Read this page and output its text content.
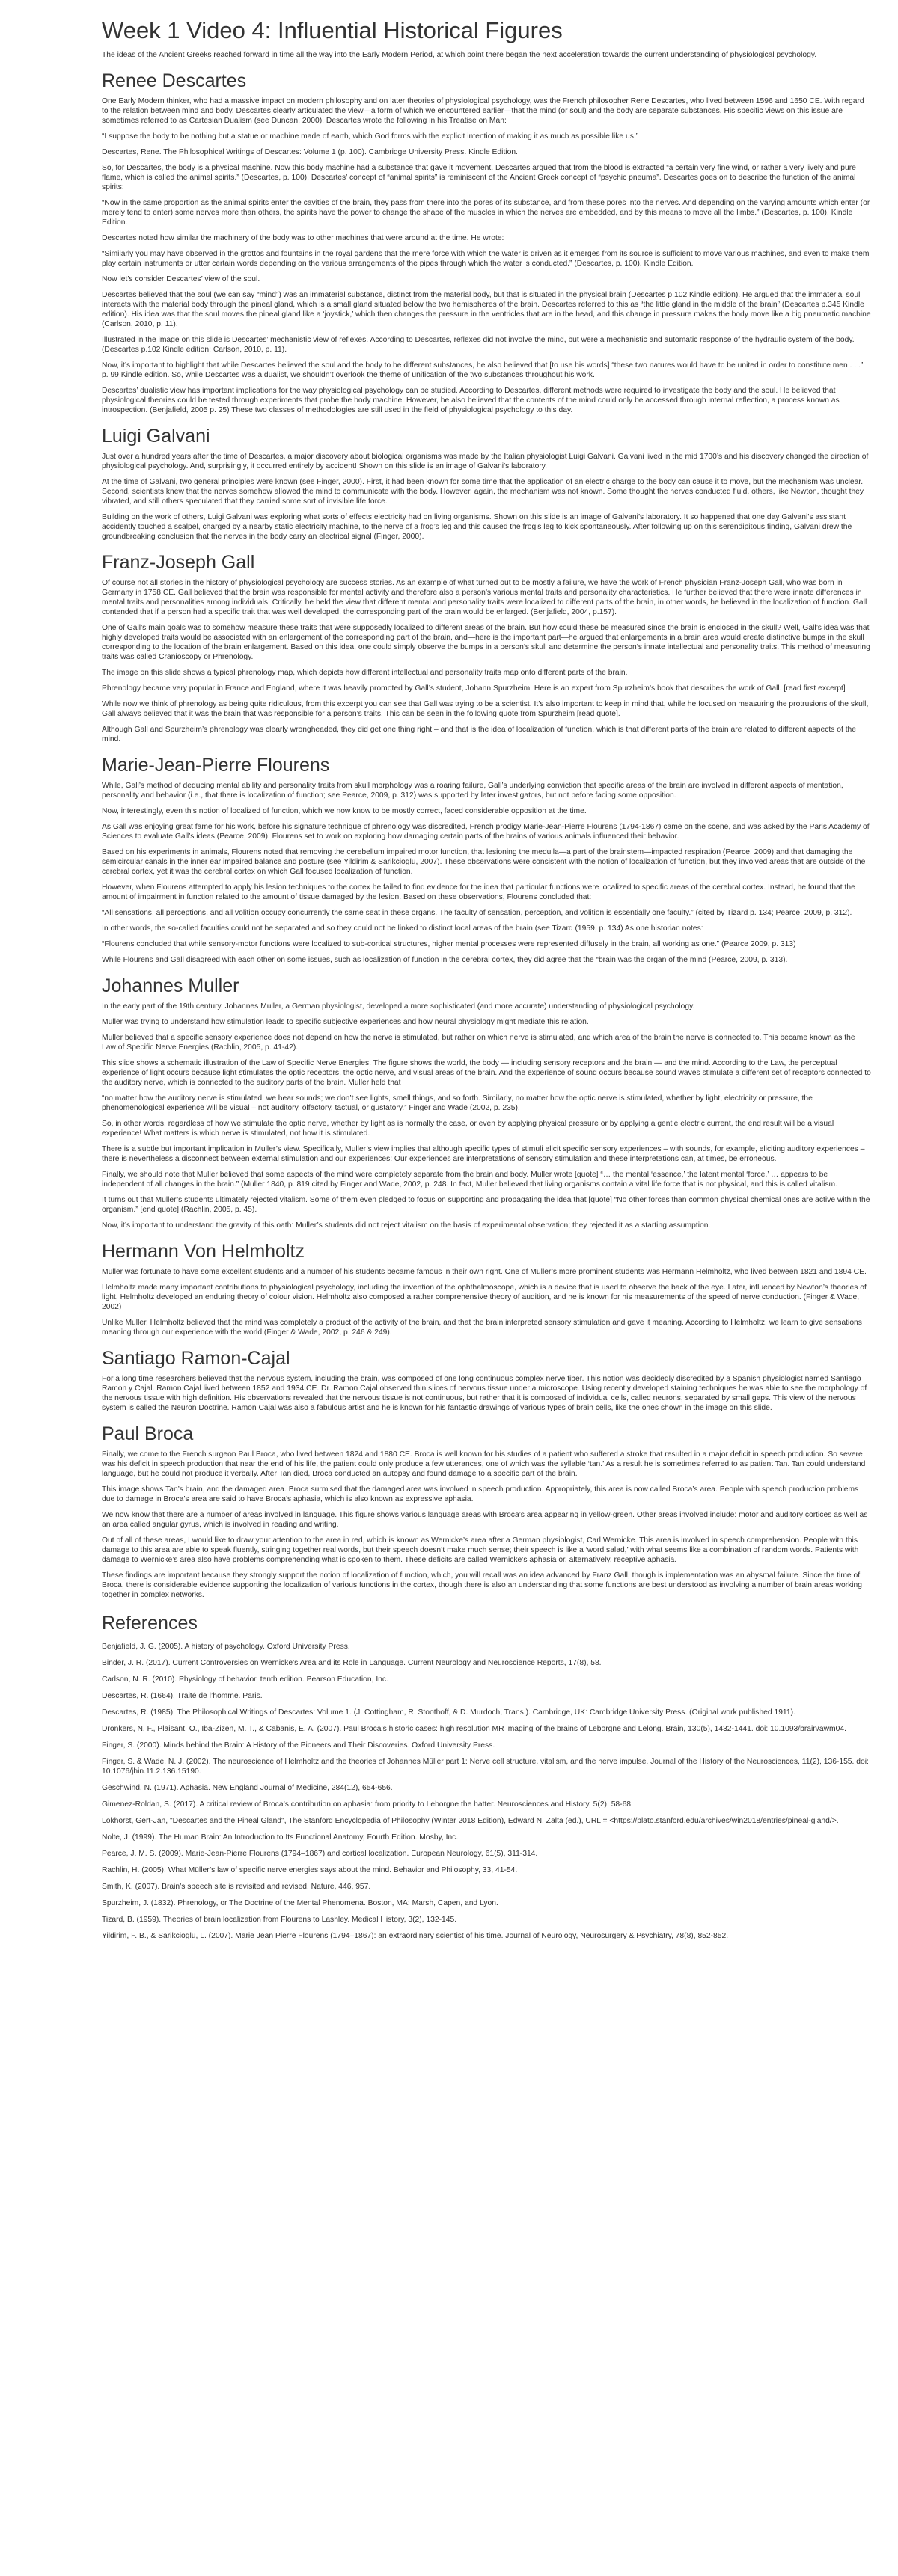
Week 1 Video 4: Influential Historical Figures

The ideas of the Ancient Greeks reached forward in time all the way into the Early Modern Period, at which point there began the next acceleration towards the current understanding of physiological psychology.

Renee Descartes

One Early Modern thinker, who had a massive impact on modern philosophy and on later theories of physiological psychology, was the French philosopher Rene Descartes, who lived between 1596 and 1650 CE. With regard to the relation between mind and body, Descartes clearly articulated the view—a form of which we encountered earlier—that the mind (or soul) and the body are separate substances. His specific views on this issue are sometimes referred to as Cartesian Dualism (see Duncan, 2000). Descartes wrote the following in his Treatise on Man:

“I suppose the body to be nothing but a statue or machine made of earth, which God forms with the explicit intention of making it as much as possible like us.”

Descartes, Rene. The Philosophical Writings of Descartes: Volume 1 (p. 100). Cambridge University Press. Kindle Edition.

So, for Descartes, the body is a physical machine. Now this body machine had a substance that gave it movement. Descartes argued that from the blood is extracted “a certain very fine wind, or rather a very lively and pure flame, which is called the animal spirits.” (Descartes, p. 100). Descartes’ concept of “animal spirits” is reminiscent of the Ancient Greek concept of “psychic pneuma”. Descartes goes on to describe the function of the animal spirits:

“Now in the same proportion as the animal spirits enter the cavities of the brain, they pass from there into the pores of its substance, and from these pores into the nerves. And depending on the varying amounts which enter (or merely tend to enter) some nerves more than others, the spirits have the power to change the shape of the muscles in which the nerves are embedded, and by this means to move all the limbs.” (Descartes, p. 100). Kindle Edition.

Descartes noted how similar the machinery of the body was to other machines that were around at the time. He wrote:

“Similarly you may have observed in the grottos and fountains in the royal gardens that the mere force with which the water is driven as it emerges from its source is sufficient to move various machines, and even to make them play certain instruments or utter certain words depending on the various arrangements of the pipes through which the water is conducted.” (Descartes, p. 100). Kindle Edition.

Now let’s consider Descartes’ view of the soul.

Descartes believed that the soul (we can say “mind”) was an immaterial substance, distinct from the material body, but that is situated in the physical brain (Descartes p.102 Kindle edition). He argued that the immaterial soul interacts with the material body through the pineal gland, which is a small gland situated below the two hemispheres of the brain. Descartes referred to this as “the little gland in the middle of the brain” (Descartes p.345 Kindle edition). His idea was that the soul moves the pineal gland like a ‘joystick,’ which then changes the pressure in the ventricles that are in the head, and this change in pressure makes the body move like a big pneumatic machine (Carlson, 2010, p. 11).

Illustrated in the image on this slide is Descartes’ mechanistic view of reflexes. According to Descartes, reflexes did not involve the mind, but were a mechanistic and automatic response of the hydraulic system of the body. (Descartes p.102 Kindle edition; Carlson, 2010, p. 11).

Now, it’s important to highlight that while Descartes believed the soul and the body to be different substances, he also believed that [to use his words] “these two natures would have to be united in order to constitute men . . .” p. 99 Kindle edition. So, while Descartes was a dualist, we shouldn’t overlook the theme of unification of the two substances throughout his work.

Descartes’ dualistic view has important implications for the way physiological psychology can be studied. According to Descartes, different methods were required to investigate the body and the soul. He believed that physiological theories could be tested through experiments that probe the body machine. However, he also believed that the contents of the mind could only be accessed through internal reflection, a process known as introspection. (Benjafield, 2005 p. 25) These two classes of methodologies are still used in the field of physiological psychology to this day.

Luigi Galvani

Just over a hundred years after the time of Descartes, a major discovery about biological organisms was made by the Italian physiologist Luigi Galvani. Galvani lived in the mid 1700’s and his discovery changed the direction of physiological psychology. And, surprisingly, it occurred entirely by accident! Shown on this slide is an image of Galvani’s laboratory.

At the time of Galvani, two general principles were known (see Finger, 2000). First, it had been known for some time that the application of an electric charge to the body can cause it to move, but the mechanism was unclear. Second, scientists knew that the nerves somehow allowed the mind to communicate with the body. However, again, the mechanism was not known. Some thought the nerves conducted fluid, others, like Newton, thought they vibrated, and still others speculated that they carried some sort of invisible life force.

Building on the work of others, Luigi Galvani was exploring what sorts of effects electricity had on living organisms. Shown on this slide is an image of Galvani’s laboratory. It so happened that one day Galvani’s assistant accidently touched a scalpel, charged by a nearby static electricity machine, to the nerve of a frog’s leg and this caused the frog’s leg to kick spontaneously. After following up on this serendipitous finding, Galvani drew the groundbreaking conclusion that the nerves in the body carry an electrical signal (Finger, 2000).

Franz-Joseph Gall

Of course not all stories in the history of physiological psychology are success stories. As an example of what turned out to be mostly a failure, we have the work of French physician Franz-Joseph Gall, who was born in Germany in 1758 CE. Gall believed that the brain was responsible for mental activity and therefore also a person’s various mental traits and personality characteristics. He further believed that there were innate differences in mental traits and personalities among individuals. Critically, he held the view that different mental and personality traits were localized to different parts of the brain, in other words, he believed in the localization of function. Gall contended that if a person had a specific trait that was well developed, the corresponding part of the brain would be enlarged. (Benjafield, 2004, p.157).

One of Gall’s main goals was to somehow measure these traits that were supposedly localized to different areas of the brain. But how could these be measured since the brain is enclosed in the skull? Well, Gall’s idea was that highly developed traits would be associated with an enlargement of the corresponding part of the brain, and—here is the important part—he argued that enlargements in a brain area would create distinctive bumps in the skull corresponding to the location of the brain enlargement. Based on this idea, one could simply observe the bumps in a person’s skull and determine the person’s innate intellectual and personality traits. This method of measuring traits was called Cranioscopy or Phrenology.

The image on this slide shows a typical phrenology map, which depicts how different intellectual and personality traits map onto different parts of the brain.

Phrenology became very popular in France and England, where it was heavily promoted by Gall’s student, Johann Spurzheim. Here is an expert from Spurzheim’s book that describes the work of Gall. [read first excerpt]

While now we think of phrenology as being quite ridiculous, from this excerpt you can see that Gall was trying to be a scientist. It’s also important to keep in mind that, while he focused on measuring the protrusions of the skull, Gall always believed that it was the brain that was responsible for a person’s traits. This can be seen in the following quote from Spurzheim [read quote].

Although Gall and Spurzheim’s phrenology was clearly wrongheaded, they did get one thing right – and that is the idea of localization of function, which is that different parts of the brain are related to different aspects of the mind.

Marie-Jean-Pierre Flourens

While, Gall’s method of deducing mental ability and personality traits from skull morphology was a roaring failure, Gall’s underlying conviction that specific areas of the brain are involved in different aspects of mentation, personality and behavior (i.e., that there is localization of function; see Pearce, 2009, p. 312) was supported by later investigators, but not before facing some opposition.

Now, interestingly, even this notion of localized of function, which we now know to be mostly correct, faced considerable opposition at the time.

As Gall was enjoying great fame for his work, before his signature technique of phrenology was discredited, French prodigy Marie-Jean-Pierre Flourens (1794-1867) came on the scene, and was asked by the Paris Academy of Sciences to evaluate Gall’s ideas (Pearce, 2009). Flourens set to work on exploring how damaging certain parts of the brains of various animals influenced their behavior.

Based on his experiments in animals, Flourens noted that removing the cerebellum impaired motor function, that lesioning the medulla—a part of the brainstem—impacted respiration (Pearce, 2009) and that damaging the semicircular canals in the inner ear impaired balance and posture (see Yildirim & Sarikcioglu, 2007). These observations were consistent with the notion of localization of function, but they involved areas that are outside of the cerebral cortex, yet it was the cerebral cortex on which Gall focused localization of function.

However, when Flourens attempted to apply his lesion techniques to the cortex he failed to find evidence for the idea that particular functions were localized to specific areas of the cerebral cortex. Instead, he found that the amount of impairment in function related to the amount of tissue damaged by the lesion. Based on these observations, Flourens concluded that:

“All sensations, all perceptions, and all volition occupy concurrently the same seat in these organs. The faculty of sensation, perception, and volition is essentially one faculty.” (cited by Tizard p. 134; Pearce, 2009, p. 312).

In other words, the so-called faculties could not be separated and so they could not be linked to distinct local areas of the brain (see Tizard (1959, p. 134) As one historian notes:

“Flourens concluded that while sensory-motor functions were localized to sub-cortical structures, higher mental processes were represented diffusely in the brain, all working as one.” (Pearce 2009, p. 313)

While Flourens and Gall disagreed with each other on some issues, such as localization of function in the cerebral cortex, they did agree that the “brain was the organ of the mind (Pearce, 2009, p. 313).

Johannes Muller

In the early part of the 19th century, Johannes Muller, a German physiologist, developed a more sophisticated (and more accurate) understanding of physiological psychology.

Muller was trying to understand how stimulation leads to specific subjective experiences and how neural physiology might mediate this relation.

Muller believed that a specific sensory experience does not depend on how the nerve is stimulated, but rather on which nerve is stimulated, and which area of the brain the nerve is connected to. This became known as the Law of Specific Nerve Energies (Rachlin, 2005, p. 41-42).

This slide shows a schematic illustration of the Law of Specific Nerve Energies. The figure shows the world, the body — including sensory receptors and the brain — and the mind. According to the Law, the perceptual experience of light occurs because light stimulates the optic receptors, the optic nerve, and visual areas of the brain. And the experience of sound occurs because sound waves stimulate a different set of receptors connected to the auditory nerve, which is connected to the auditory parts of the brain. Muller held that

“no matter how the auditory nerve is stimulated, we hear sounds; we don’t see lights, smell things, and so forth. Similarly, no matter how the optic nerve is stimulated, whether by light, electricity or pressure, the phenomenological experience will be visual – not auditory, olfactory, tactual, or gustatory.” Finger and Wade (2002, p. 235).

So, in other words, regardless of how we stimulate the optic nerve, whether by light as is normally the case, or even by applying physical pressure or by applying a gentle electric current, the end result will be a visual experience! What matters is which nerve is stimulated, not how it is stimulated.

There is a subtle but important implication in Muller’s view. Specifically, Muller’s view implies that although specific types of stimuli elicit specific sensory experiences – with sounds, for example, eliciting auditory experiences – there is nevertheless a disconnect between external stimulation and our experiences: Our experiences are interpretations of sensory stimulation and these interpretations can, at times, be erroneous.

Finally, we should note that Muller believed that some aspects of the mind were completely separate from the brain and body. Muller wrote [quote] “… the mental ‘essence,’ the latent mental ‘force,’ … appears to be independent of all changes in the brain.” (Muller 1840, p. 819 cited by Finger and Wade, 2002, p. 248. In fact, Muller believed that living organisms contain a vital life force that is not physical, and this is called vitalism.

It turns out that Muller’s students ultimately rejected vitalism. Some of them even pledged to focus on supporting and propagating the idea that [quote] “No other forces than common physical chemical ones are active within the organism.” [end quote] (Rachlin, 2005, p. 45).

Now, it’s important to understand the gravity of this oath: Muller’s students did not reject vitalism on the basis of experimental observation; they rejected it as a starting assumption.

Hermann Von Helmholtz

Muller was fortunate to have some excellent students and a number of his students became famous in their own right. One of Muller’s more prominent students was Hermann Helmholtz, who lived between 1821 and 1894 CE.

Helmholtz made many important contributions to physiological psychology, including the invention of the ophthalmoscope, which is a device that is used to observe the back of the eye. Later, influenced by Newton’s theories of light, Helmholtz developed an enduring theory of colour vision. Helmholtz also composed a rather comprehensive theory of audition, and he is known for his measurements of the speed of nerve conduction. (Finger & Wade, 2002)

Unlike Muller, Helmholtz believed that the mind was completely a product of the activity of the brain, and that the brain interpreted sensory stimulation and gave it meaning. According to Helmholtz, we learn to give sensations meaning through our experience with the world (Finger & Wade, 2002, p. 246 & 249).

Santiago Ramon-Cajal

For a long time researchers believed that the nervous system, including the brain, was composed of one long continuous complex nerve fiber. This notion was decidedly discredited by a Spanish physiologist named Santiago Ramon y Cajal. Ramon Cajal lived between 1852 and 1934 CE. Dr. Ramon Cajal observed thin slices of nervous tissue under a microscope. Using recently developed staining techniques he was able to see the morphology of the nervous tissue with high definition. His observations revealed that the nervous tissue is not continuous, but rather that it is composed of individual cells, called neurons, separated by small gaps. This view of the nervous system is called the Neuron Doctrine. Ramon Cajal was also a fabulous artist and he is known for his fantastic drawings of various types of brain cells, like the ones shown in the image on this slide.

Paul Broca

Finally, we come to the French surgeon Paul Broca, who lived between 1824 and 1880 CE. Broca is well known for his studies of a patient who suffered a stroke that resulted in a major deficit in speech production. So severe was his deficit in speech production that near the end of his life, the patient could only produce a few utterances, one of which was the syllable ‘tan.’ As a result he is sometimes referred to as patient Tan. Tan could understand language, but he could not produce it verbally. After Tan died, Broca conducted an autopsy and found damage to a specific part of the brain.

This image shows Tan’s brain, and the damaged area. Broca surmised that the damaged area was involved in speech production. Appropriately, this area is now called Broca’s area. People with speech production problems due to damage in Broca’s area are said to have Broca’s aphasia, which is also known as expressive aphasia.

We now know that there are a number of areas involved in language. This figure shows various language areas with Broca’s area appearing in yellow-green. Other areas involved include: motor and auditory cortices as well as an area called angular gyrus, which is involved in reading and writing.

Out of all of these areas, I would like to draw your attention to the area in red, which is known as Wernicke’s area after a German physiologist, Carl Wernicke. This area is involved in speech comprehension. People with this damage to this area are able to speak fluently, stringing together real words, but their speech doesn’t make much sense; their speech is like a ‘word salad,’ with what seems like a combination of random words. Patients with damage to Wernicke’s area also have problems comprehending what is spoken to them. These deficits are called Wernicke’s aphasia or, alternatively, receptive aphasia.

These findings are important because they strongly support the notion of localization of function, which, you will recall was an idea advanced by Franz Gall, though is implementation was an abysmal failure. Since the time of Broca, there is considerable evidence supporting the localization of various functions in the cortex, though there is also an understanding that some functions are best understood as involving a number of brain areas working together in complex networks.

References

Benjafield, J. G. (2005). A history of psychology. Oxford University Press.

Binder, J. R. (2017). Current Controversies on Wernicke’s Area and its Role in Language. Current Neurology and Neuroscience Reports, 17(8), 58.

Carlson, N. R. (2010). Physiology of behavior, tenth edition. Pearson Education, Inc.

Descartes, R. (1664). Traité de l’homme. Paris.

Descartes, R. (1985). The Philosophical Writings of Descartes: Volume 1. (J. Cottingham, R. Stoothoff, & D. Murdoch, Trans.). Cambridge, UK: Cambridge University Press. (Original work published 1911).

Dronkers, N. F., Plaisant, O., Iba-Zizen, M. T., & Cabanis, E. A. (2007). Paul Broca’s historic cases: high resolution MR imaging of the brains of Leborgne and Lelong. Brain, 130(5), 1432-1441. doi: 10.1093/brain/awm04.

Finger, S. (2000). Minds behind the Brain: A History of the Pioneers and Their Discoveries. Oxford University Press.

Finger, S. & Wade, N. J. (2002). The neuroscience of Helmholtz and the theories of Johannes Müller part 1: Nerve cell structure, vitalism, and the nerve impulse. Journal of the History of the Neurosciences, 11(2), 136-155. doi: 10.1076/jhin.11.2.136.15190.

Geschwind, N. (1971). Aphasia. New England Journal of Medicine, 284(12), 654-656.

Gimenez-Roldan, S. (2017). A critical review of Broca’s contribution on aphasia: from priority to Leborgne the hatter. Neurosciences and History, 5(2), 58-68.

Lokhorst, Gert-Jan, "Descartes and the Pineal Gland", The Stanford Encyclopedia of Philosophy (Winter 2018 Edition), Edward N. Zalta (ed.), URL = <https://plato.stanford.edu/archives/win2018/entries/pineal-gland/>.

Nolte, J. (1999). The Human Brain: An Introduction to Its Functional Anatomy, Fourth Edition. Mosby, Inc.

Pearce, J. M. S. (2009). Marie-Jean-Pierre Flourens (1794–1867) and cortical localization. European Neurology, 61(5), 311-314.

Rachlin, H. (2005). What Müller’s law of specific nerve energies says about the mind. Behavior and Philosophy, 33, 41-54.

Smith, K. (2007). Brain’s speech site is revisited and revised. Nature, 446, 957.

Spurzheim, J. (1832). Phrenology, or The Doctrine of the Mental Phenomena. Boston, MA: Marsh, Capen, and Lyon.

Tizard, B. (1959). Theories of brain localization from Flourens to Lashley. Medical History, 3(2), 132-145.

Yildirim, F. B., & Sarikcioglu, L. (2007). Marie Jean Pierre Flourens (1794–1867): an extraordinary scientist of his time. Journal of Neurology, Neurosurgery & Psychiatry, 78(8), 852-852.
